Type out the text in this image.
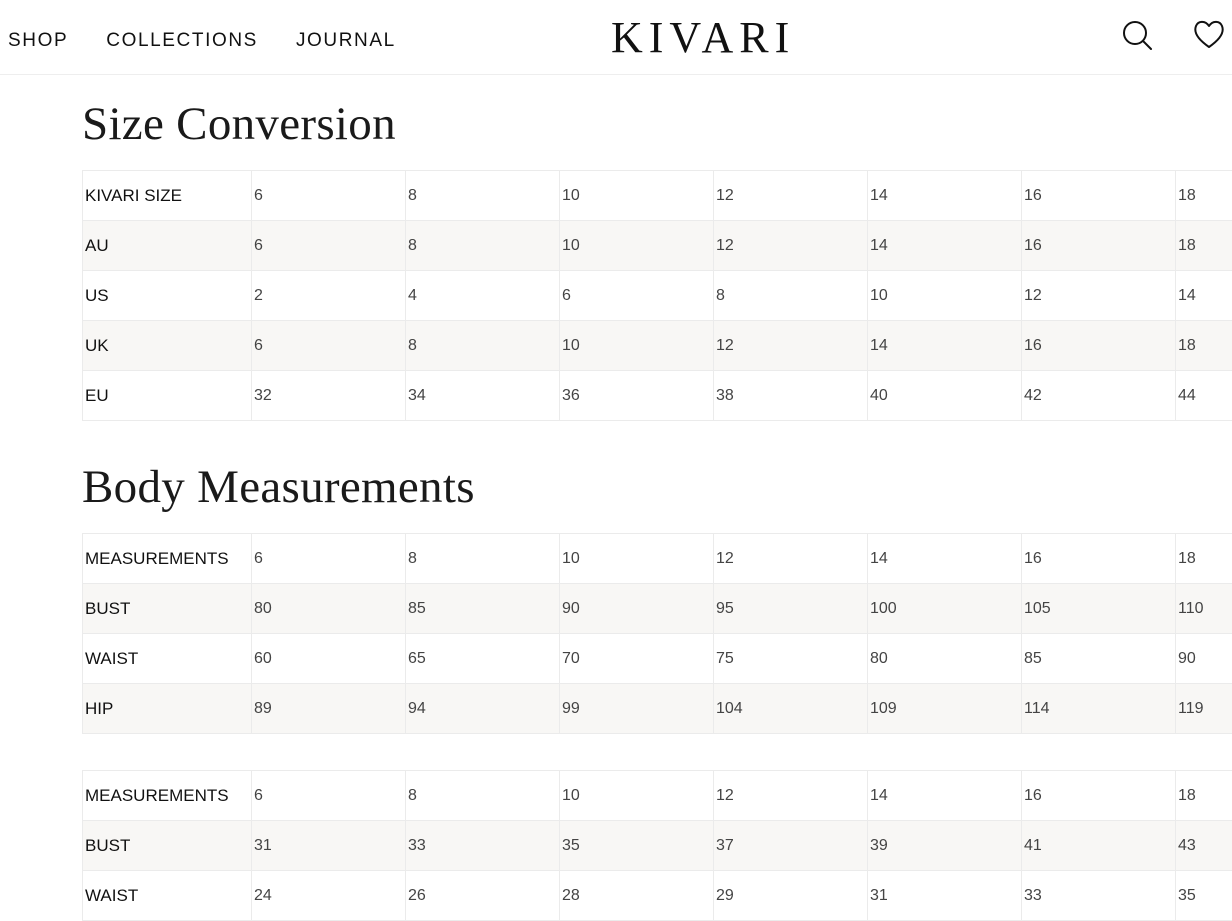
SHOP COLLECTIONS JOURNAL	KIVARI
Size Conversion
KIVARI SIZE	6	8	10	12	14	16	18
AU	6	8	10	12	14	16	18
US	2	4	6	8	10	12	14
UK	6	8	10	12	14	16	18
EU	32	34	36	38	40	42	44
Body Measurements
MEASUREMENTS	6	8	10	12	14	16	18
BUST	80	85	90	95	100	105	110
WAIST	60	65	70	75	80	85	90
HIP	89	94	99	104	109	114	119
MEASUREMENTS	6	8	10	12	14	16	18
BUST	31	33	35	37	39	41	43
WAIST	24	26	28	29	31	33	35
